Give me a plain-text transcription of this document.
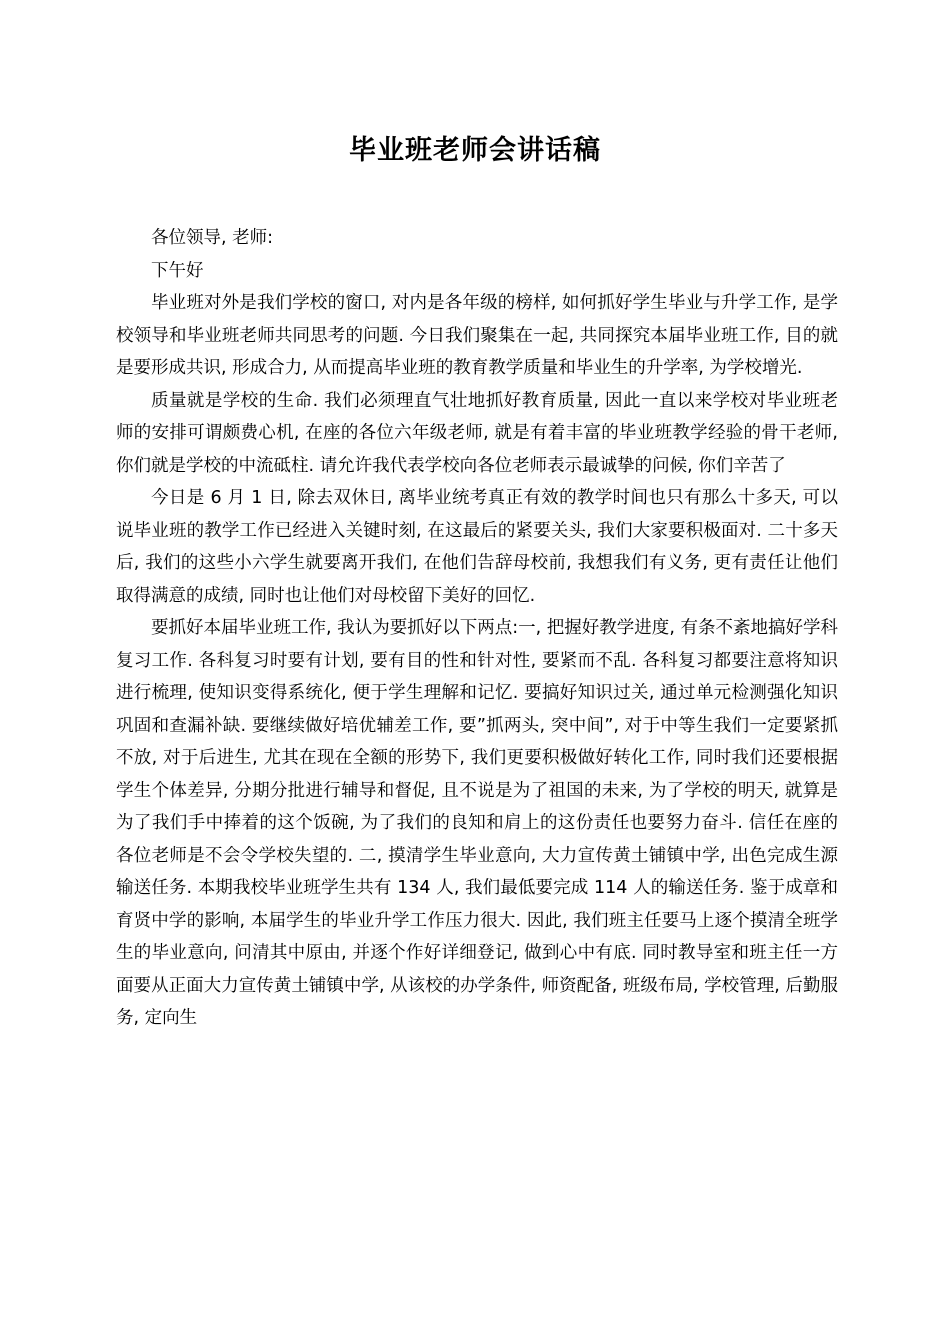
毕业班老师会讲话稿

各位领导, 老师:

下午好

毕业班对外是我们学校的窗口, 对内是各年级的榜样, 如何抓好学生毕业与升学工作, 是学校领导和毕业班老师共同思考的问题. 今日我们聚集在一起, 共同探究本届毕业班工作, 目的就是要形成共识, 形成合力, 从而提高毕业班的教育教学质量和毕业生的升学率, 为学校增光.

质量就是学校的生命. 我们必须理直气壮地抓好教育质量, 因此一直以来学校对毕业班老师的安排可谓颇费心机, 在座的各位六年级老师, 就是有着丰富的毕业班教学经验的骨干老师, 你们就是学校的中流砥柱. 请允许我代表学校向各位老师表示最诚挚的问候, 你们辛苦了

今日是 6 月 1 日, 除去双休日, 离毕业统考真正有效的教学时间也只有那么十多天, 可以说毕业班的教学工作已经进入关键时刻, 在这最后的紧要关头, 我们大家要积极面对. 二十多天后, 我们的这些小六学生就要离开我们, 在他们告辞母校前, 我想我们有义务, 更有责任让他们取得满意的成绩, 同时也让他们对母校留下美好的回忆.

要抓好本届毕业班工作, 我认为要抓好以下两点:一, 把握好教学进度, 有条不紊地搞好学科复习工作. 各科复习时要有计划, 要有目的性和针对性, 要紧而不乱. 各科复习都要注意将知识进行梳理, 使知识变得系统化, 便于学生理解和记忆. 要搞好知识过关, 通过单元检测强化知识巩固和查漏补缺. 要继续做好培优辅差工作, 要”抓两头, 突中间”, 对于中等生我们一定要紧抓不放, 对于后进生, 尤其在现在全额的形势下, 我们更要积极做好转化工作, 同时我们还要根据学生个体差异, 分期分批进行辅导和督促, 且不说是为了祖国的未来, 为了学校的明天, 就算是为了我们手中捧着的这个饭碗, 为了我们的良知和肩上的这份责任也要努力奋斗. 信任在座的各位老师是不会令学校失望的. 二, 摸清学生毕业意向, 大力宣传黄土铺镇中学, 出色完成生源输送任务. 本期我校毕业班学生共有 134 人, 我们最低要完成 114 人的输送任务. 鉴于成章和育贤中学的影响, 本届学生的毕业升学工作压力很大. 因此, 我们班主任要马上逐个摸清全班学生的毕业意向, 问清其中原由, 并逐个作好详细登记, 做到心中有底. 同时教导室和班主任一方面要从正面大力宣传黄土铺镇中学, 从该校的办学条件, 师资配备, 班级布局, 学校管理, 后勤服务, 定向生
